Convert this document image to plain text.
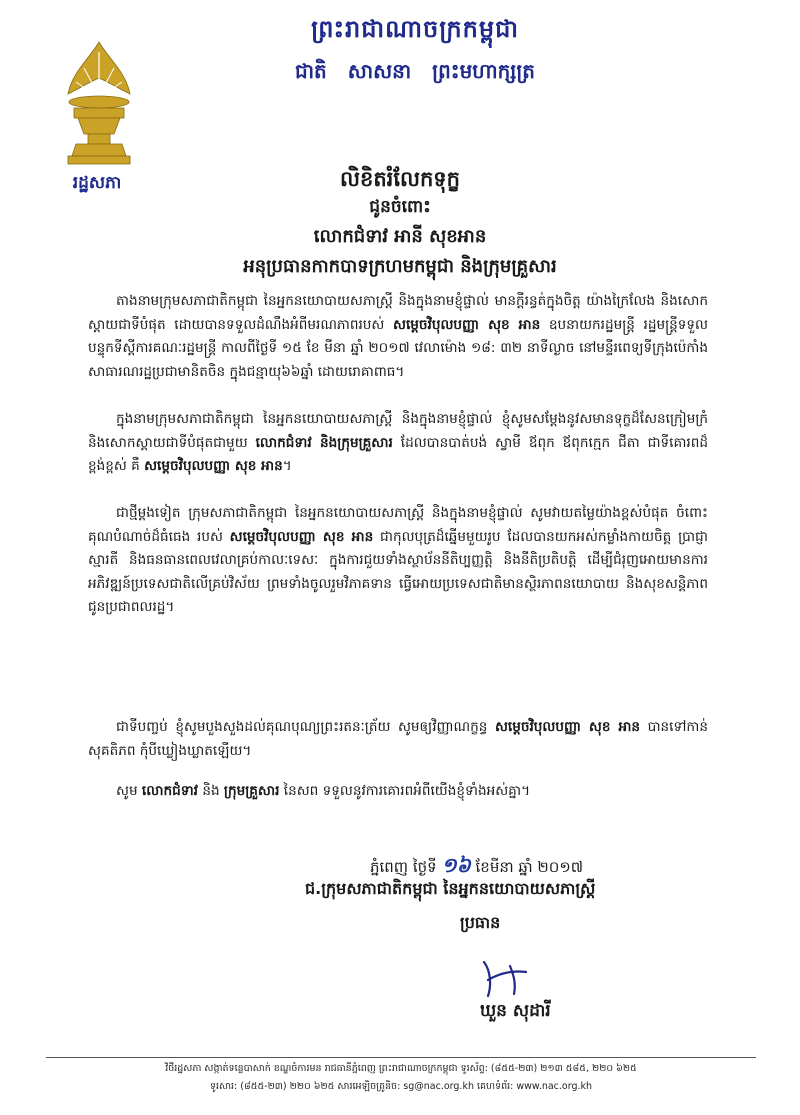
ព្រះរាជាណាចក្រកម្ពុជា
ជាតិ សាសនា ព្រះមហាក្សត្រ
រដ្ឋសភា	លិខិតរំលែកទុក្ខ
ជូនចំពោះ
លោកជំទាវ អានី សុខអាន
អនុប្រធានកាកបាទក្រហមកម្ពុជា និងក្រុមគ្រួសារ
តាងនាមក្រុមសភាជាតិកម្ពុជា នៃអ្នកនយោបាយសភាស្ត្រី និងក្នុងនាមខ្ញុំផ្ទាល់ មានក្តីរន្ធត់ក្នុងចិត្ត យ៉ាងក្រៃលែង និងសោកស្តាយជាទីបំផុត ដោយបានទទួលដំណឹងអំពីមរណភាពរបស់ សម្តេចវិបុលបញ្ញា សុខ អាន ឧបនាយករដ្ឋមន្ត្រី រដ្ឋមន្ត្រីទទួលបន្ទុកទីស្តីការគណៈរដ្ឋមន្ត្រី កាលពីថ្ងៃទី ១៥ ខែ មីនា ឆ្នាំ ២០១៧ វេលាម៉ោង ១៨: ៣២ នាទីល្ងាច នៅមន្ទីរពេទ្យទីក្រុងប៉េកាំង សាធារណរដ្ឋប្រជាមានិតចិន ក្នុងជន្មាយុ៦៦ឆ្នាំ ដោយរោគាពាធ។
ក្នុងនាមក្រុមសភាជាតិកម្ពុជា នៃអ្នកនយោបាយសភាស្ត្រី និងក្នុងនាមខ្ញុំផ្ទាល់ ខ្ញុំសូមសម្តែងនូវសមានទុក្ខដ៏សែនក្រៀមក្រំ និងសោកស្តាយជាទីបំផុតជាមួយ លោកជំទាវ និងក្រុមគ្រួសារ ដែលបានបាត់បង់ ស្វាមី ឪពុក ឪពុកក្មេក ជីតា ជាទីគោរពដ៏ខ្ពង់ខ្ពស់ គឺ សម្តេចវិបុលបញ្ញា សុខ អាន។
ជាថ្មីម្តងទៀត ក្រុមសភាជាតិកម្ពុជា នៃអ្នកនយោបាយសភាស្ត្រី និងក្នុងនាមខ្ញុំផ្ទាល់ សូមវាយតម្លៃយ៉ាងខ្ពស់បំផុត ចំពោះគុណបំណាច់ដ៏ធំធេង របស់ សម្តេចវិបុលបញ្ញា សុខ អាន ជាកុលបុត្រដ៏ឆ្នើមមួយរូប ដែលបានយកអស់កម្លាំងកាយចិត្ត ប្រាជ្ញាស្មារតី និងធនធានពេលវេលាគ្រប់កាលៈទេសៈ ក្នុងការជួយទាំងស្ថាប័ននីតិប្បញ្ញត្តិ និងនីតិប្រតិបត្តិ ដើម្បីជំរុញអោយមានការអភិវឌ្ឍន៍ប្រទេសជាតិលើគ្រប់វិស័យ ព្រមទាំងចូលរួមវិភាគទាន ធ្វើអោយប្រទេសជាតិមានស្ថិរភាពនយោបាយ និងសុខសន្តិភាព ជូនប្រជាពលរដ្ឋ។
ជាទីបញ្ចប់ ខ្ញុំសូមបួងសួងដល់គុណបុណ្យព្រះរតនៈត្រ័យ សូមឲ្យវិញ្ញាណក្ខន្ធ សម្តេចវិបុលបញ្ញា សុខ អាន បានទៅកាន់សុគតិភព កុំបីឃ្លៀងឃ្លាតឡើយ។
សូម លោកជំទាវ និង ក្រុមគ្រួសារ នៃសព ទទួលនូវការគោរពអំពីយើងខ្ញុំទាំងអស់គ្នា។
ភ្នំពេញ ថ្ងៃទី ១៦ ខែមីនា ឆ្នាំ ២០១៧
ជ.ក្រុមសភាជាតិកម្ពុជា នៃអ្នកនយោបាយសភាស្ត្រី
ប្រធាន
ឃួន សុដារី
វិថីរដ្ឋសភា សង្កាត់ទន្លេបាសាក់ ខណ្ឌចំការមន រាជធានីភ្នំពេញ ព្រះរាជាណាចក្រកម្ពុជា ទូរស័ព្ទ: (៨៥៥-២៣) ២១៣ ៥៨៥, ២២០ ៦២៥
ទូរសារ: (៨៥៥-២៣) ២២០ ៦២៥ សារអេឡិចត្រូនិច: sg@nac.org.kh គេហទំព័រ: www.nac.org.kh
